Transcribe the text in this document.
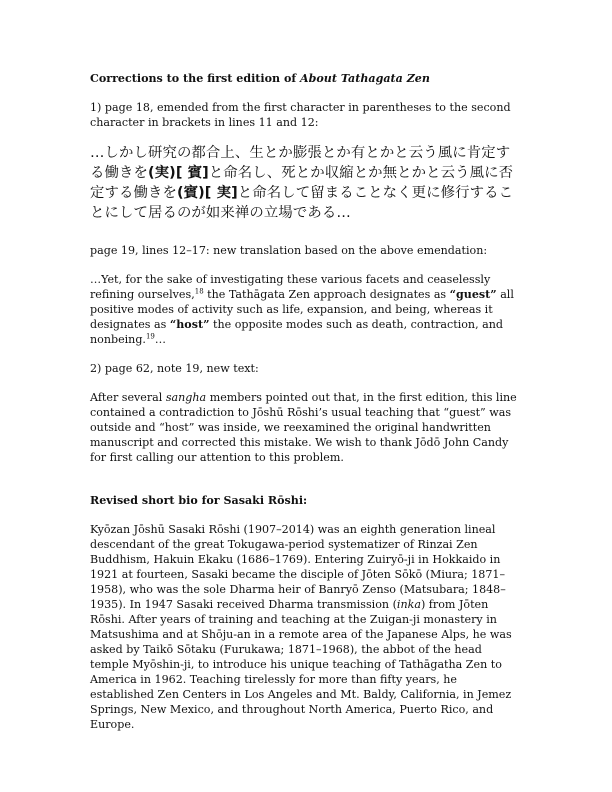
Corrections to the first edition of About Tathagata Zen

1) page 18, emended from the first character in parentheses to the second character in brackets in lines 11 and 12:

…しかし研究の都合上、生とか膨張とか有とかと云う風に肯定する働きを(実)[ 賓]と命名し、死とか収縮とか無とかと云う風に否定する働きを(賓)[ 実]と命名して留まることなく更に修行することにして居るのが如来禅の立場である…

page 19, lines 12–17: new translation based on the above emendation:

…Yet, for the sake of investigating these various facets and ceaselessly refining ourselves,$^{18}$ the Tathāgata Zen approach designates as “guest” all positive modes of activity such as life, expansion, and being, whereas it designates as “host” the opposite modes such as death, contraction, and nonbeing.$^{19}$…

2) page 62, note 19, new text:

After several sangha members pointed out that, in the first edition, this line contained a contradiction to Jōshū Rōshi’s usual teaching that “guest” was outside and “host” was inside, we reexamined the original handwritten manuscript and corrected this mistake. We wish to thank Jōdō John Candy for first calling our attention to this problem.

Revised short bio for Sasaki Rōshi:

Kyōzan Jōshū Sasaki Rōshi (1907–2014) was an eighth generation lineal descendant of the great Tokugawa-period systematizer of Rinzai Zen Buddhism, Hakuin Ekaku (1686–1769). Entering Zuiryō-ji in Hokkaido in 1921 at fourteen, Sasaki became the disciple of Jōten Sōkō (Miura; 1871–1958), who was the sole Dharma heir of Banryō Zenso (Matsubara; 1848–1935). In 1947 Sasaki received Dharma transmission (inka) from Jōten Rōshi. After years of training and teaching at the Zuigan-ji monastery in Matsushima and at Shōju-an in a remote area of the Japanese Alps, he was asked by Taikō Sōtaku (Furukawa; 1871–1968), the abbot of the head temple Myōshin-ji, to introduce his unique teaching of Tathāgatha Zen to America in 1962. Teaching tirelessly for more than fifty years, he established Zen Centers in Los Angeles and Mt. Baldy, California, in Jemez Springs, New Mexico, and throughout North America, Puerto Rico, and Europe.
